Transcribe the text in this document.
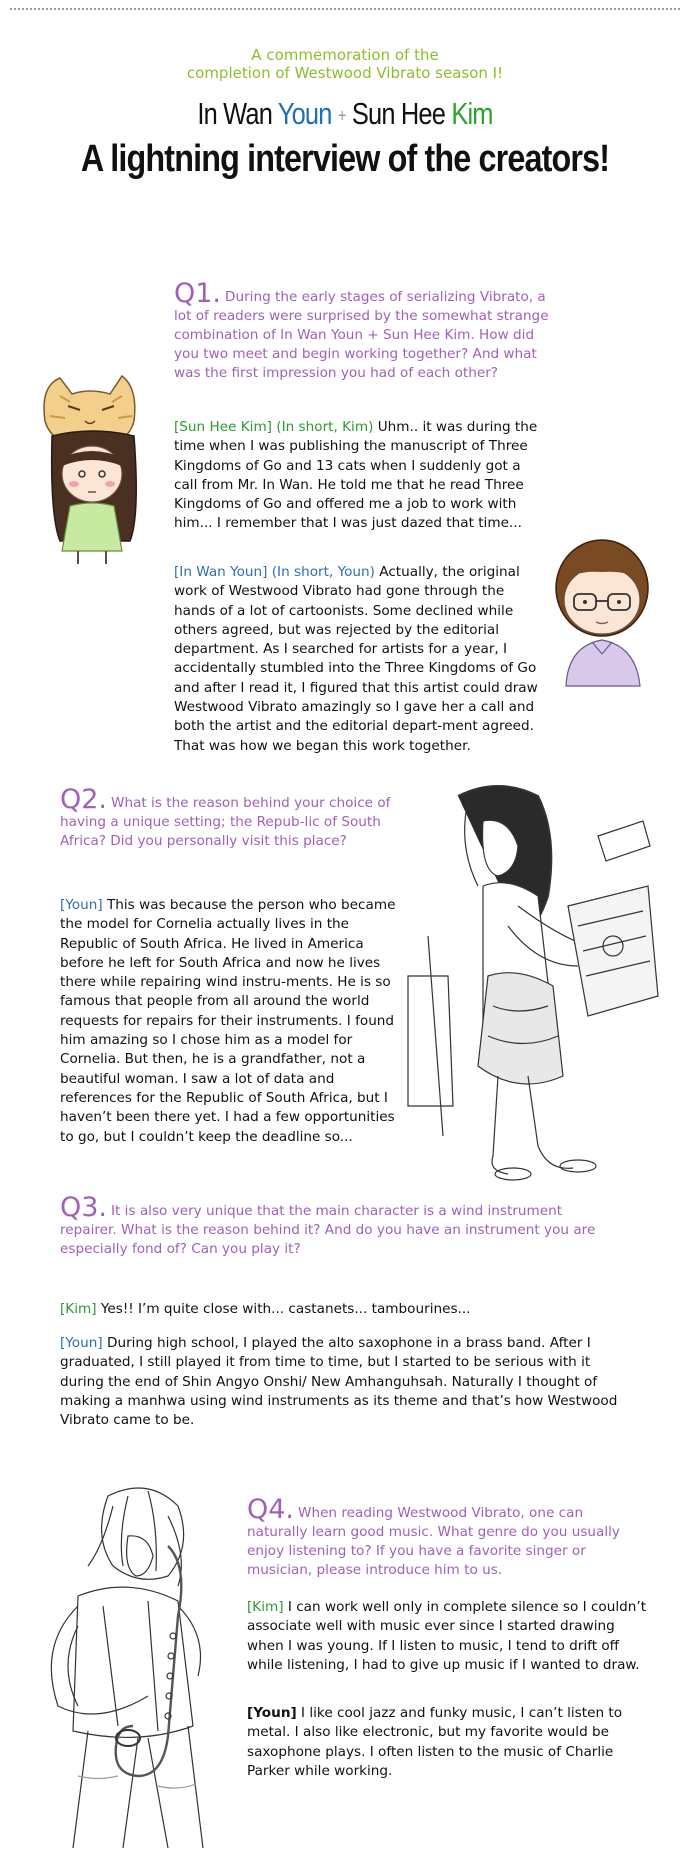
A commemoration of the
completion of Westwood Vibrato season I!
In Wan Youn + Sun Hee Kim
A lightning interview of the creators!
Q1. During the early stages of serializing Vibrato, a lot of readers were surprised by the somewhat strange combination of In Wan Youn + Sun Hee Kim. How did you two meet and begin working together? And what was the first impression you had of each other?
[Sun Hee Kim] (In short, Kim) Uhm.. it was during the time when I was publishing the manuscript of Three Kingdoms of Go and 13 cats when I suddenly got a call from Mr. In Wan. He told me that he read Three Kingdoms of Go and offered me a job to work with him... I remember that I was just dazed that time...
[In Wan Youn] (In short, Youn) Actually, the original work of Westwood Vibrato had gone through the hands of a lot of cartoonists. Some declined while others agreed, but was rejected by the editorial department. As I searched for artists for a year, I accidentally stumbled into the Three Kingdoms of Go and after I read it, I figured that this artist could draw Westwood Vibrato amazingly so I gave her a call and both the artist and the editorial depart-ment agreed. That was how we began this work together.
Q2. What is the reason behind your choice of having a unique setting; the Repub-lic of South Africa? Did you personally visit this place?
[Youn] This was because the person who became the model for Cornelia actually lives in the Republic of South Africa. He lived in America before he left for South Africa and now he lives there while repairing wind instru-ments. He is so famous that people from all around the world requests for repairs for their instruments. I found him amazing so I chose him as a model for Cornelia. But then, he is a grandfather, not a beautiful woman. I saw a lot of data and references for the Republic of South Africa, but I haven’t been there yet. I had a few opportunities to go, but I couldn’t keep the deadline so...
Q3. It is also very unique that the main character is a wind instrument repairer. What is the reason behind it? And do you have an instrument you are especially fond of? Can you play it?
[Kim] Yes!! I’m quite close with... castanets... tambourines...
[Youn] During high school, I played the alto saxophone in a brass band. After I graduated, I still played it from time to time, but I started to be serious with it during the end of Shin Angyo Onshi/ New Amhanguhsah. Naturally I thought of making a manhwa using wind instruments as its theme and that’s how Westwood Vibrato came to be.
Q4. When reading Westwood Vibrato, one can naturally learn good music. What genre do you usually enjoy listening to? If you have a favorite singer or musician, please introduce him to us.
[Kim] I can work well only in complete silence so I couldn’t associate well with music ever since I started drawing when I was young. If I listen to music, I tend to drift off while listening, I had to give up music if I wanted to draw.
[Youn] I like cool jazz and funky music, I can’t listen to metal. I also like electronic, but my favorite would be saxophone plays. I often listen to the music of Charlie Parker while working.
